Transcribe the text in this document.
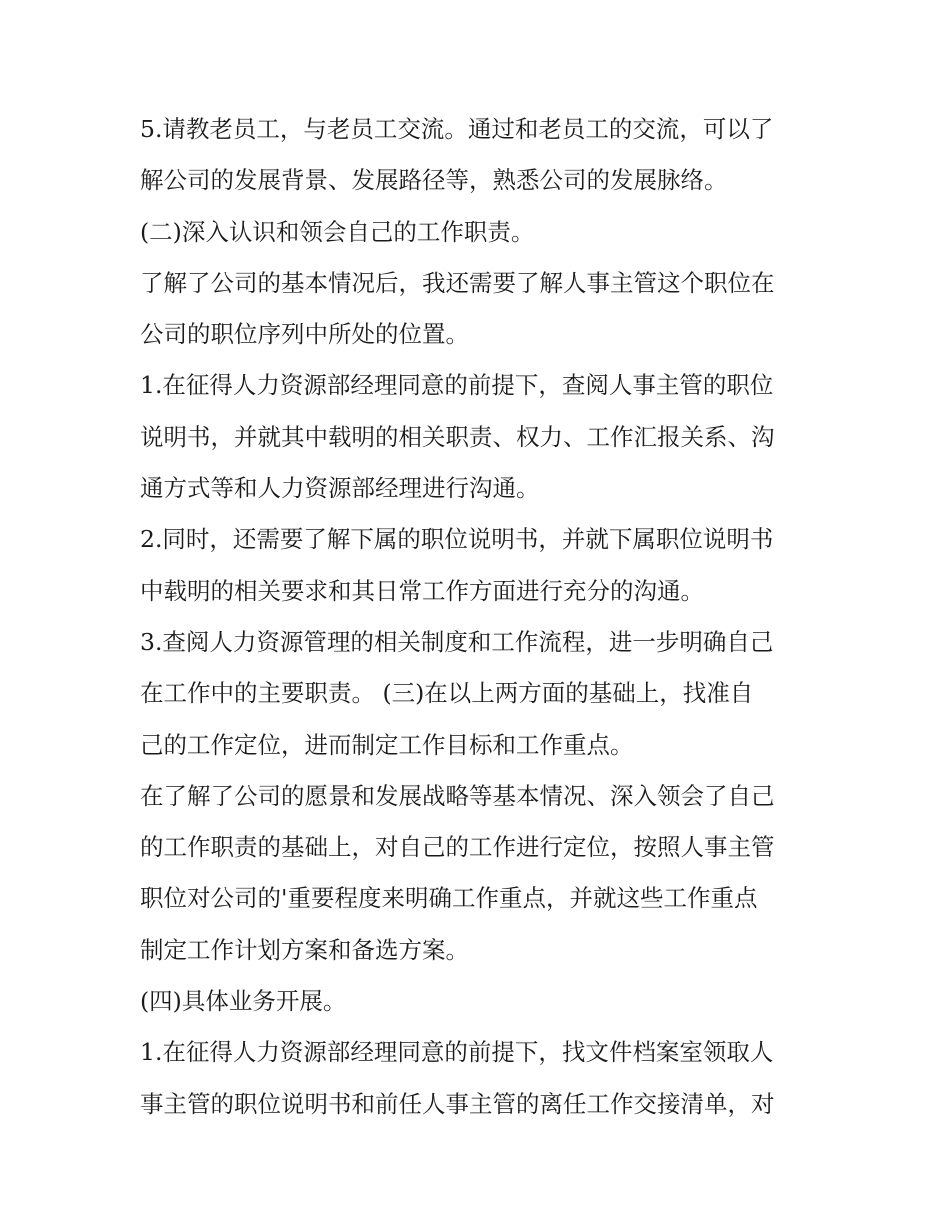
5.请教老员工，与老员工交流。通过和老员工的交流，可以了
解公司的发展背景、发展路径等，熟悉公司的发展脉络。
(二)深入认识和领会自己的工作职责。
了解了公司的基本情况后，我还需要了解人事主管这个职位在
公司的职位序列中所处的位置。
1.在征得人力资源部经理同意的前提下，查阅人事主管的职位
说明书，并就其中载明的相关职责、权力、工作汇报关系、沟
通方式等和人力资源部经理进行沟通。
2.同时，还需要了解下属的职位说明书，并就下属职位说明书
中载明的相关要求和其日常工作方面进行充分的沟通。
3.查阅人力资源管理的相关制度和工作流程，进一步明确自己
在工作中的主要职责。 (三)在以上两方面的基础上，找准自
己的工作定位，进而制定工作目标和工作重点。
在了解了公司的愿景和发展战略等基本情况、深入领会了自己
的工作职责的基础上，对自己的工作进行定位，按照人事主管
职位对公司的'重要程度来明确工作重点，并就这些工作重点
制定工作计划方案和备选方案。
(四)具体业务开展。
1.在征得人力资源部经理同意的前提下，找文件档案室领取人
事主管的职位说明书和前任人事主管的离任工作交接清单，对
